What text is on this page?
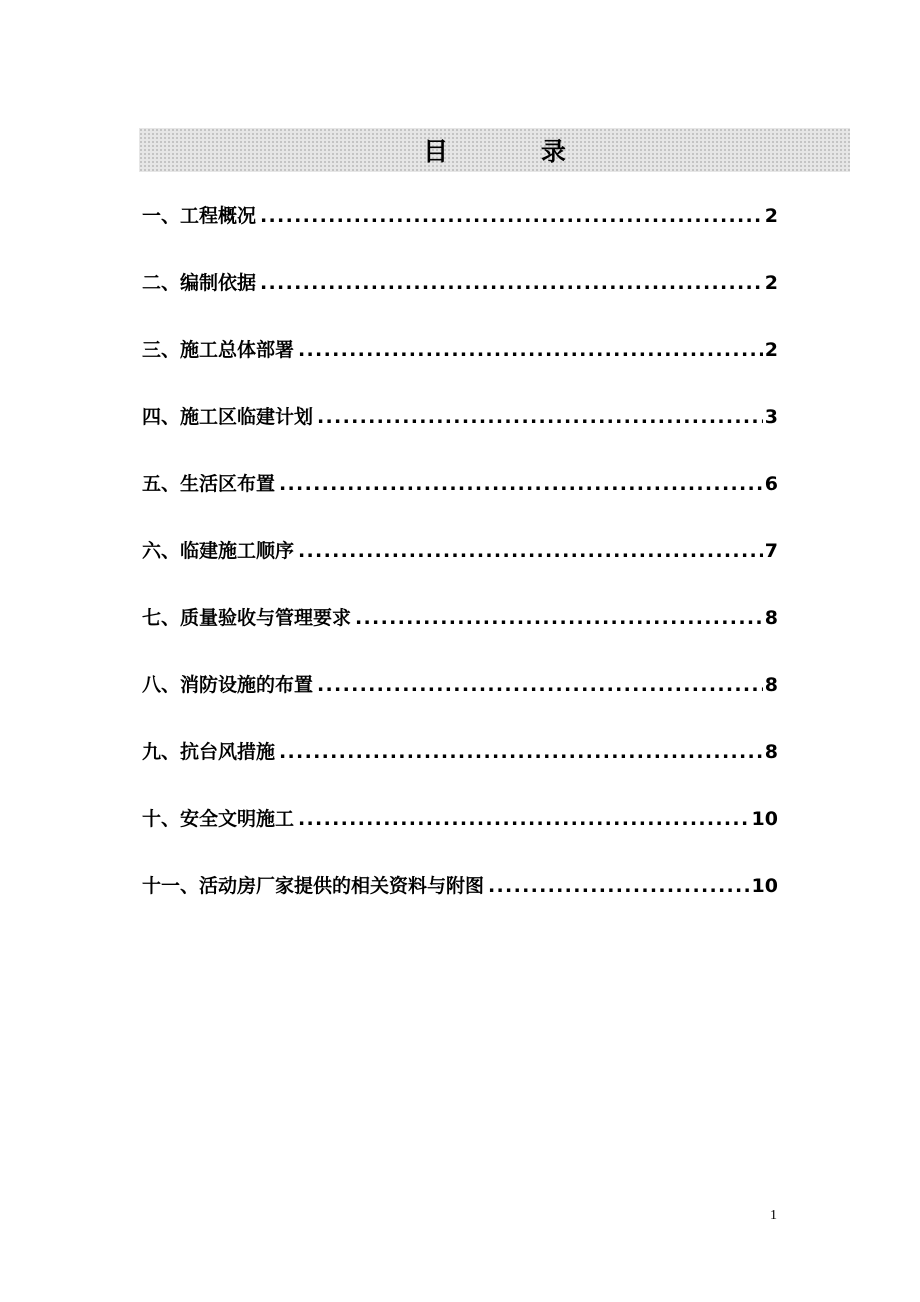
目 录
一、工程概况 .....	2
二、编制依据 .....	2
三、施工总体部署 .....	2
四、施工区临建计划 .....	3
五、生活区布置 .....	6
六、临建施工顺序 .....	7
七、质量验收与管理要求 .....	8
八、消防设施的布置 .....	8
九、抗台风措施 .....	8
十、安全文明施工 .....	10
十一、活动房厂家提供的相关资料与附图 .....	10
1
